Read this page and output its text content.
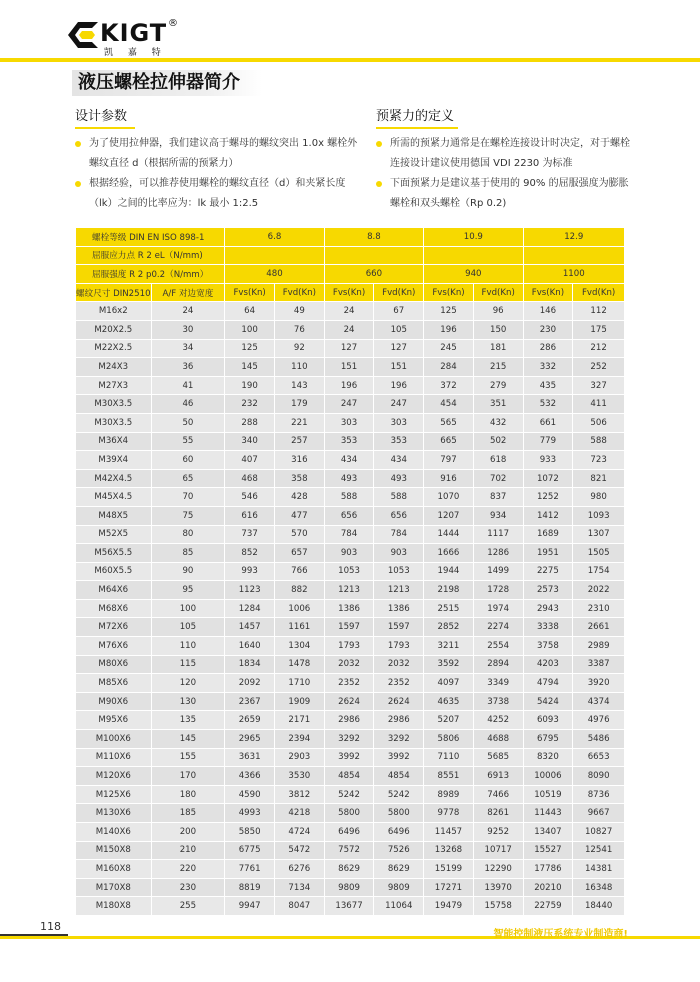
KIGT ®
凯 嘉 特
液压螺栓拉伸器简介
设计参数
为了使用拉伸器，我们建议高于螺母的螺纹突出 1.0x 螺栓外螺纹直径 d（根据所需的预紧力）
根据经验，可以推荐使用螺栓的螺纹直径（d）和夹紧长度（lk）之间的比率应为：lk 最小 1:2.5
预紧力的定义
所需的预紧力通常是在螺栓连接设计时决定，对于螺栓连接设计建议使用德国 VDI 2230 为标准
下面预紧力是建议基于使用的 90% 的屈服强度为膨胀螺栓和双头螺栓（Rp 0.2)
螺栓等级 DIN EN ISO 898-1		6.8		8.8		10.9		12.9	
屈服应力点 R 2 eL（N/mm)									
屈服强度 R 2 p0.2（N/mm）		480		660		940		1100	
螺纹尺寸 DIN2510	A/F 对边宽度	Fvs(Kn)	Fvd(Kn)	Fvs(Kn)	Fvd(Kn)	Fvs(Kn)	Fvd(Kn)	Fvs(Kn)	Fvd(Kn)
M16x2	24	64	49	24	67	125	96	146	112
M20X2.5	30	100	76	24	105	196	150	230	175
M22X2.5	34	125	92	127	127	245	181	286	212
M24X3	36	145	110	151	151	284	215	332	252
M27X3	41	190	143	196	196	372	279	435	327
M30X3.5	46	232	179	247	247	454	351	532	411
M30X3.5	50	288	221	303	303	565	432	661	506
M36X4	55	340	257	353	353	665	502	779	588
M39X4	60	407	316	434	434	797	618	933	723
M42X4.5	65	468	358	493	493	916	702	1072	821
M45X4.5	70	546	428	588	588	1070	837	1252	980
M48X5	75	616	477	656	656	1207	934	1412	1093
M52X5	80	737	570	784	784	1444	1117	1689	1307
M56X5.5	85	852	657	903	903	1666	1286	1951	1505
M60X5.5	90	993	766	1053	1053	1944	1499	2275	1754
M64X6	95	1123	882	1213	1213	2198	1728	2573	2022
M68X6	100	1284	1006	1386	1386	2515	1974	2943	2310
M72X6	105	1457	1161	1597	1597	2852	2274	3338	2661
M76X6	110	1640	1304	1793	1793	3211	2554	3758	2989
M80X6	115	1834	1478	2032	2032	3592	2894	4203	3387
M85X6	120	2092	1710	2352	2352	4097	3349	4794	3920
M90X6	130	2367	1909	2624	2624	4635	3738	5424	4374
M95X6	135	2659	2171	2986	2986	5207	4252	6093	4976
M100X6	145	2965	2394	3292	3292	5806	4688	6795	5486
M110X6	155	3631	2903	3992	3992	7110	5685	8320	6653
M120X6	170	4366	3530	4854	4854	8551	6913	10006	8090
M125X6	180	4590	3812	5242	5242	8989	7466	10519	8736
M130X6	185	4993	4218	5800	5800	9778	8261	11443	9667
M140X6	200	5850	4724	6496	6496	11457	9252	13407	10827
M150X8	210	6775	5472	7572	7526	13268	10717	15527	12541
M160X8	220	7761	6276	8629	8629	15199	12290	17786	14381
M170X8	230	8819	7134	9809	9809	17271	13970	20210	16348
M180X8	255	9947	8047	13677	11064	19479	15758	22759	18440
118
智能控制液压系统专业制造商!
